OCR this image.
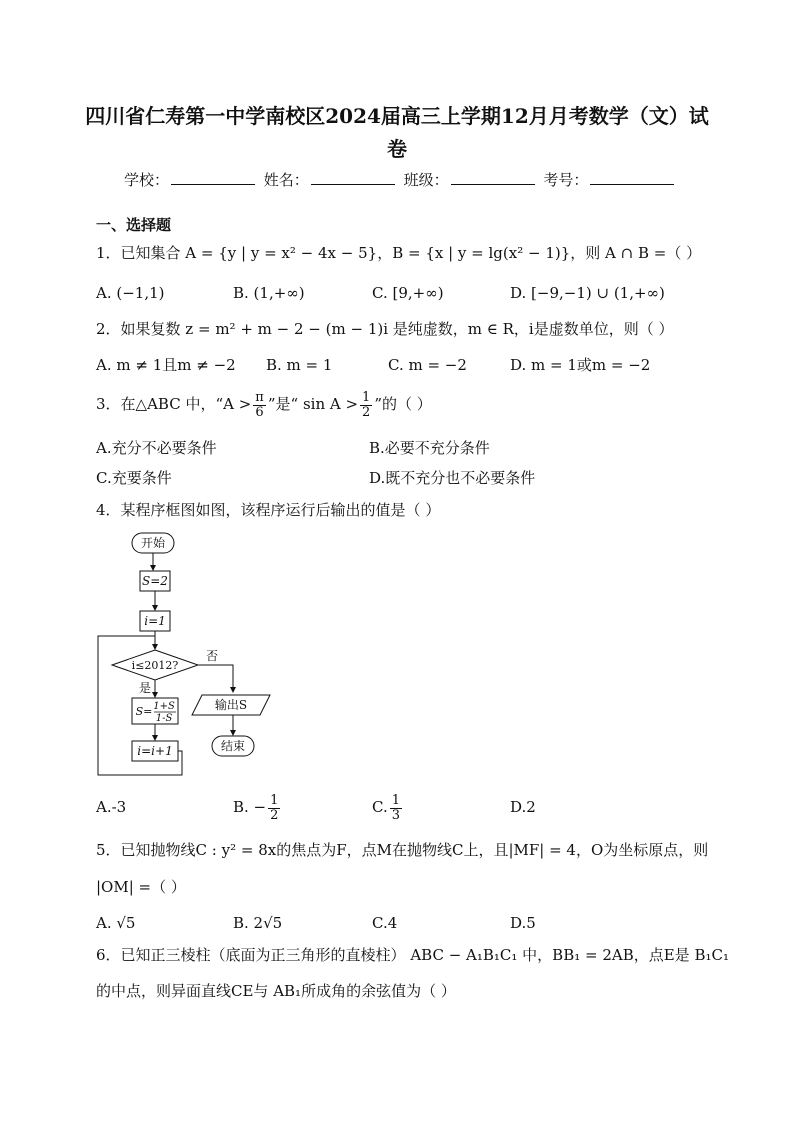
四川省仁寿第一中学南校区2024届高三上学期12月月考数学（文）试
卷
学校：	姓名：	班级：	考号：
一、选择题
1．已知集合 A = {y | y = x² − 4x − 5}，B = {x | y = lg(x² − 1)}，则 A ∩ B =（ ）
A. (−1,1)	B. (1,+∞)	C. [9,+∞)	D. [−9,−1) ∪ (1,+∞)
2．如果复数 z = m² + m − 2 − (m − 1)i 是纯虚数，m ∈ R，i是虚数单位，则（ ）
A. m ≠ 1且m ≠ −2 B. m = 1	C. m = −2	D. m = 1或m = −2
3．在△ABC 中，“$A > \frac{\pi}{6}$ ”是“ $\sin A > \frac{1}{2}$ ”的（ ）
A.充分不必要条件	B.必要不充分条件
C.充要条件	D.既不充分也不必要条件
4．某程序框图如图，该程序运行后输出的值是（ ）
开始
S=2
i=1
i≤2012?
否
是
S= 1+S
1-S
输出S
i=i+1	结束
A.-3	B. − $\frac{1}{2}$	C. $\frac{1}{3}$	D.2
5．已知抛物线C : y² = 8x的焦点为F，点M在抛物线C上，且|MF| = 4，O为坐标原点，则
|OM| =（ ）
A. √5	B. 2√5	C.4	D.5
6．已知正三棱柱（底面为正三角形的直棱柱） ABC − A₁B₁C₁ 中，BB₁ = 2AB，点E是 B₁C₁
的中点，则异面直线CE与 AB₁所成角的余弦值为（ ）
